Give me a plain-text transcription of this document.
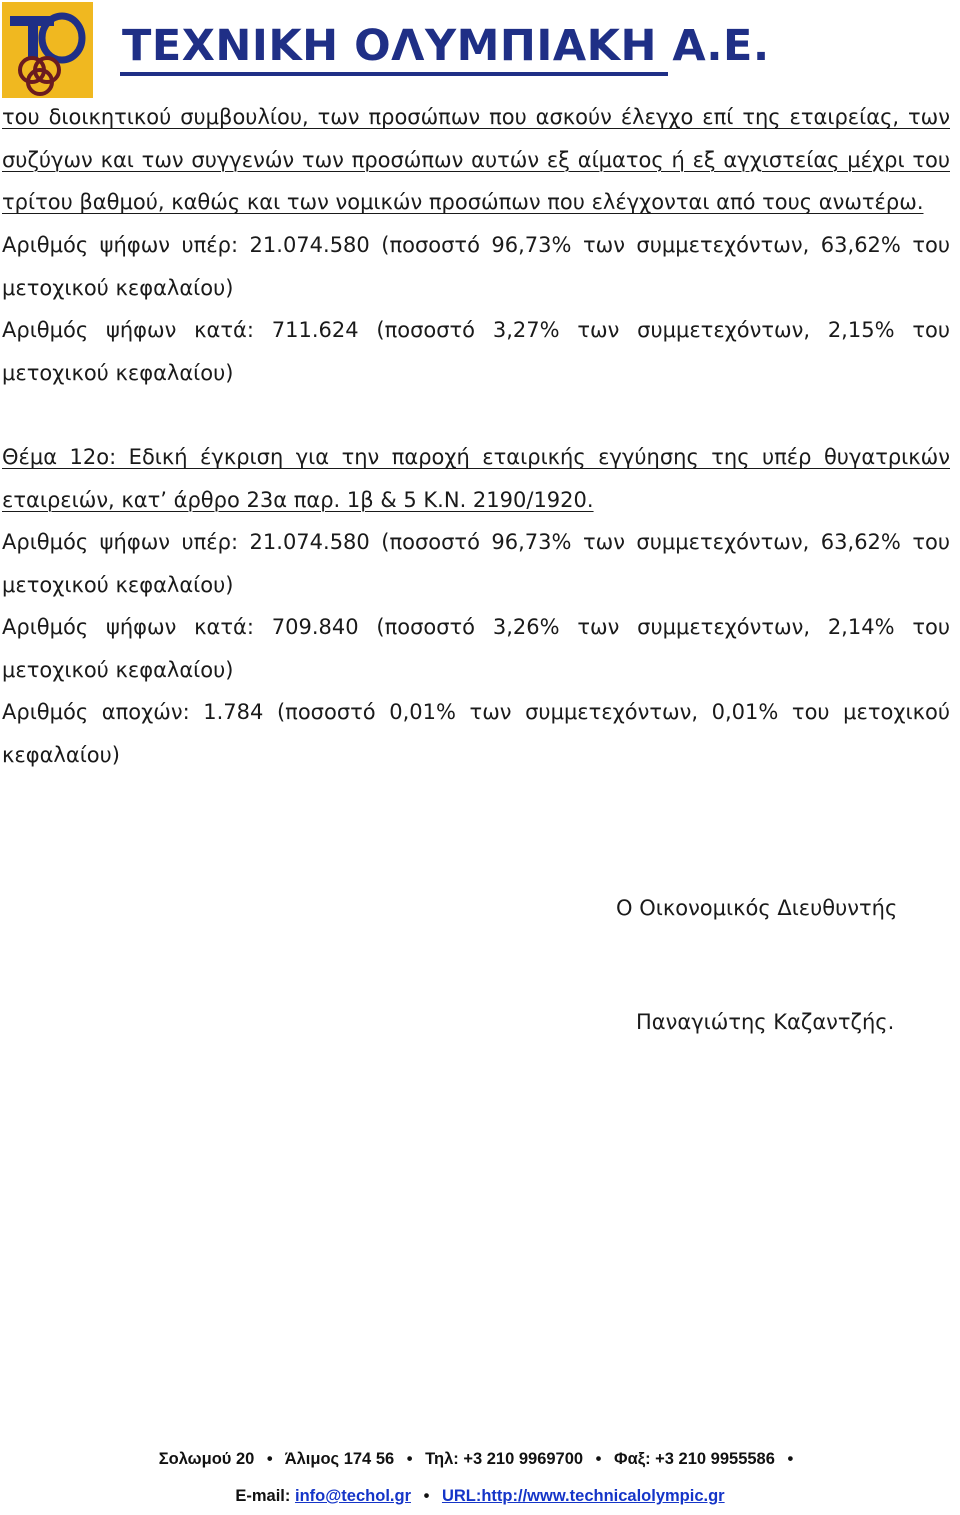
ΤΕΧΝΙΚΗ ΟΛΥΜΠΙΑΚΗ Α.Ε.
του διοικητικού συμβουλίου, των προσώπων που ασκούν έλεγχο επί της εταιρείας, των συζύγων και των συγγενών των προσώπων αυτών εξ αίματος ή εξ αγχιστείας μέχρι του τρίτου βαθμού, καθώς και των νομικών προσώπων που ελέγχονται από τους ανωτέρω.
Αριθμός ψήφων υπέρ: 21.074.580 (ποσοστό 96,73% των συμμετεχόντων, 63,62% του μετοχικού κεφαλαίου)
Αριθμός ψήφων κατά: 711.624 (ποσοστό 3,27% των συμμετεχόντων, 2,15% του μετοχικού κεφαλαίου)
Θέμα 12ο: Εδική έγκριση για την παροχή εταιρικής εγγύησης της υπέρ θυγατρικών εταιρειών, κατ’ άρθρο 23α παρ. 1β & 5 Κ.Ν. 2190/1920.
Αριθμός ψήφων υπέρ: 21.074.580 (ποσοστό 96,73% των συμμετεχόντων, 63,62% του μετοχικού κεφαλαίου)
Αριθμός ψήφων κατά: 709.840 (ποσοστό 3,26% των συμμετεχόντων, 2,14% του μετοχικού κεφαλαίου)
Αριθμός αποχών: 1.784 (ποσοστό 0,01% των συμμετεχόντων, 0,01% του μετοχικού κεφαλαίου)
Ο Οικονομικός Διευθυντής
Παναγιώτης Καζαντζής.
Σολωμού 20 • Άλιμος 174 56 • Τηλ: +3 210 9969700 • Φαξ: +3 210 9955586 •
E-mail: info@techol.gr • URL:http://www.technicalolympic.gr
